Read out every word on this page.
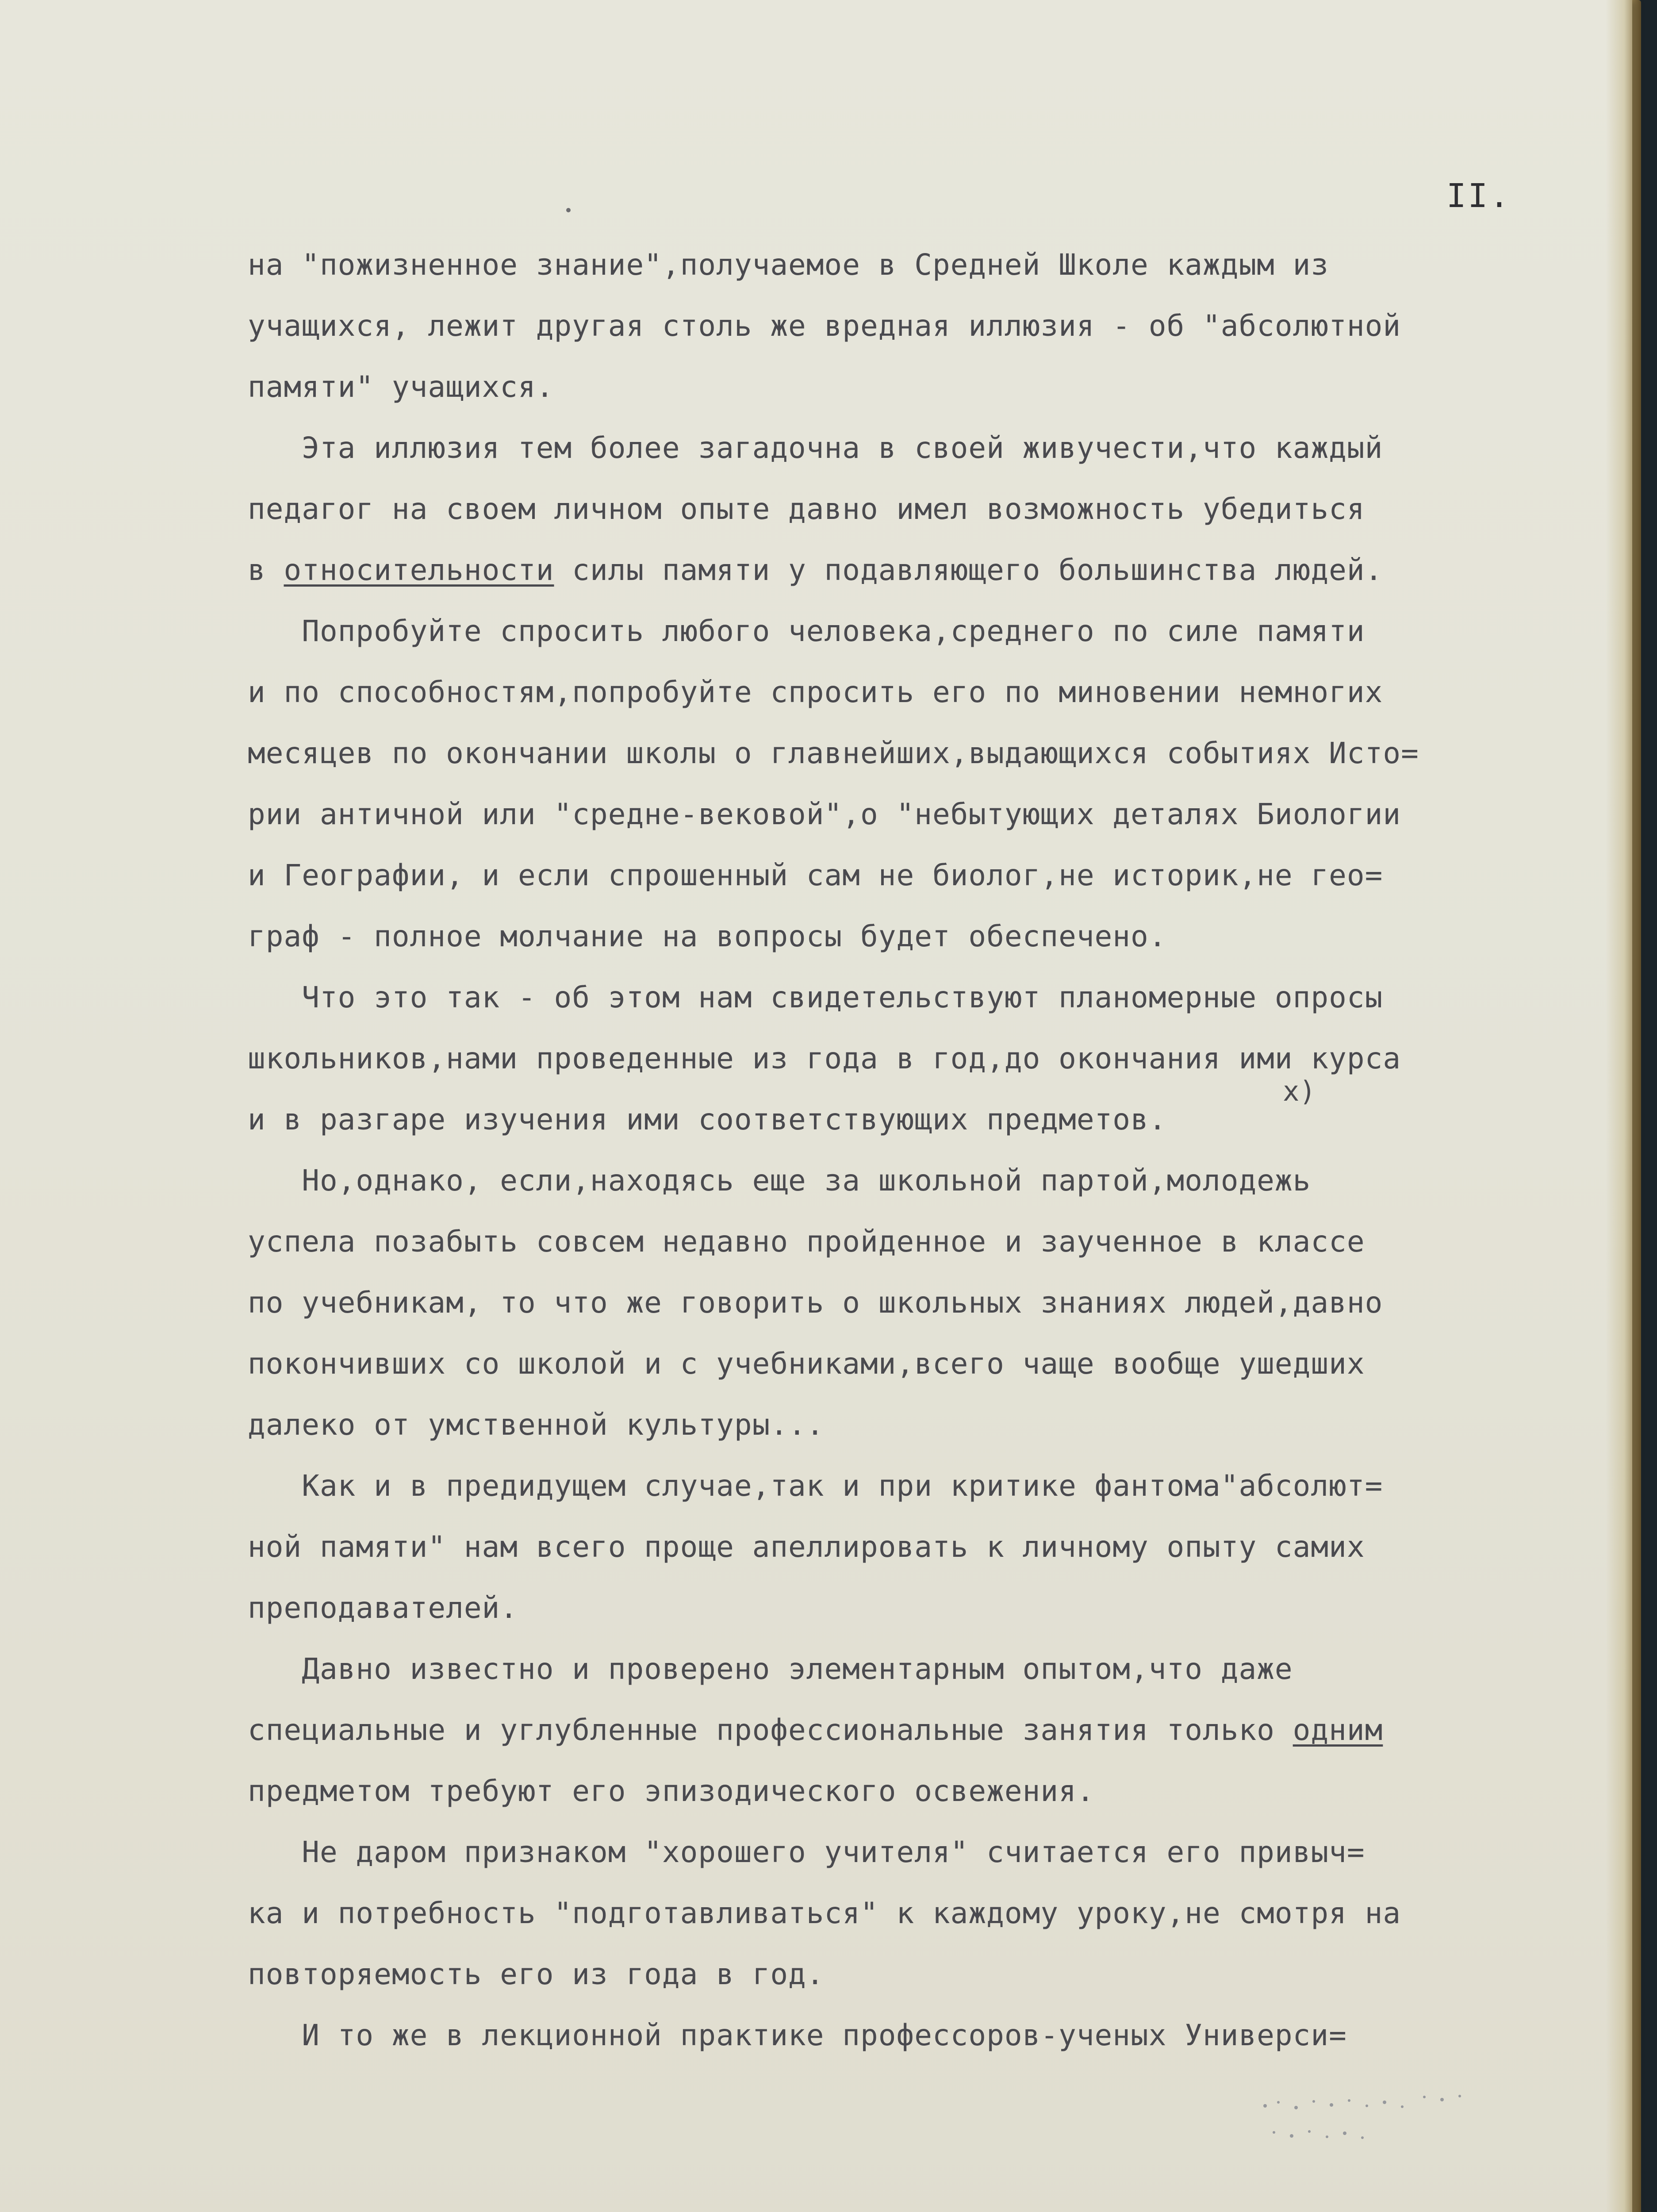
II.
на "пожизненное знание",получаемое в Средней Школе каждым из
учащихся, лежит другая столь же вредная иллюзия - об "абсолютной
памяти" учащихся.
Эта иллюзия тем более загадочна в своей живучести,что каждый
педагог на своем личном опыте давно имел возможность убедиться
в относительности силы памяти у подавляющего большинства людей.
Попробуйте спросить любого человека,среднего по силе памяти
и по способностям,попробуйте спросить его по миновении немногих
месяцев по окончании школы о главнейших,выдающихся событиях Исто=
рии античной или "средне-вековой",о "небытующих деталях Биологии
и Географии, и если спрошенный сам не биолог,не историк,не гео=
граф - полное молчание на вопросы будет обеспечено.
Что это так - об этом нам свидетельствуют планомерные опросы
школьников,нами проведенные из года в год,до окончания ими курса
и в разгаре изучения ими соответствующих предметов.
Но,однако, если,находясь еще за школьной партой,молодежь
успела позабыть совсем недавно пройденное и заученное в классе
по учебникам, то что же говорить о школьных знаниях людей,давно
покончивших со школой и с учебниками,всего чаще вообще ушедших
далеко от умственной культуры...
Как и в предидущем случае,так и при критике фантома"абсолют=
ной памяти" нам всего проще апеллировать к личному опыту самих
преподавателей.
Давно известно и проверено элементарным опытом,что даже
специальные и углубленные профессиональные занятия только одним
предметом требуют его эпизодического освежения.
Не даром признаком "хорошего учителя" считается его привыч=
ка и потребность "подготавливаться" к каждому уроку,не смотря на
повторяемость его из года в год.
И то же в лекционной практике профессоров-ученых Универси=
x)
